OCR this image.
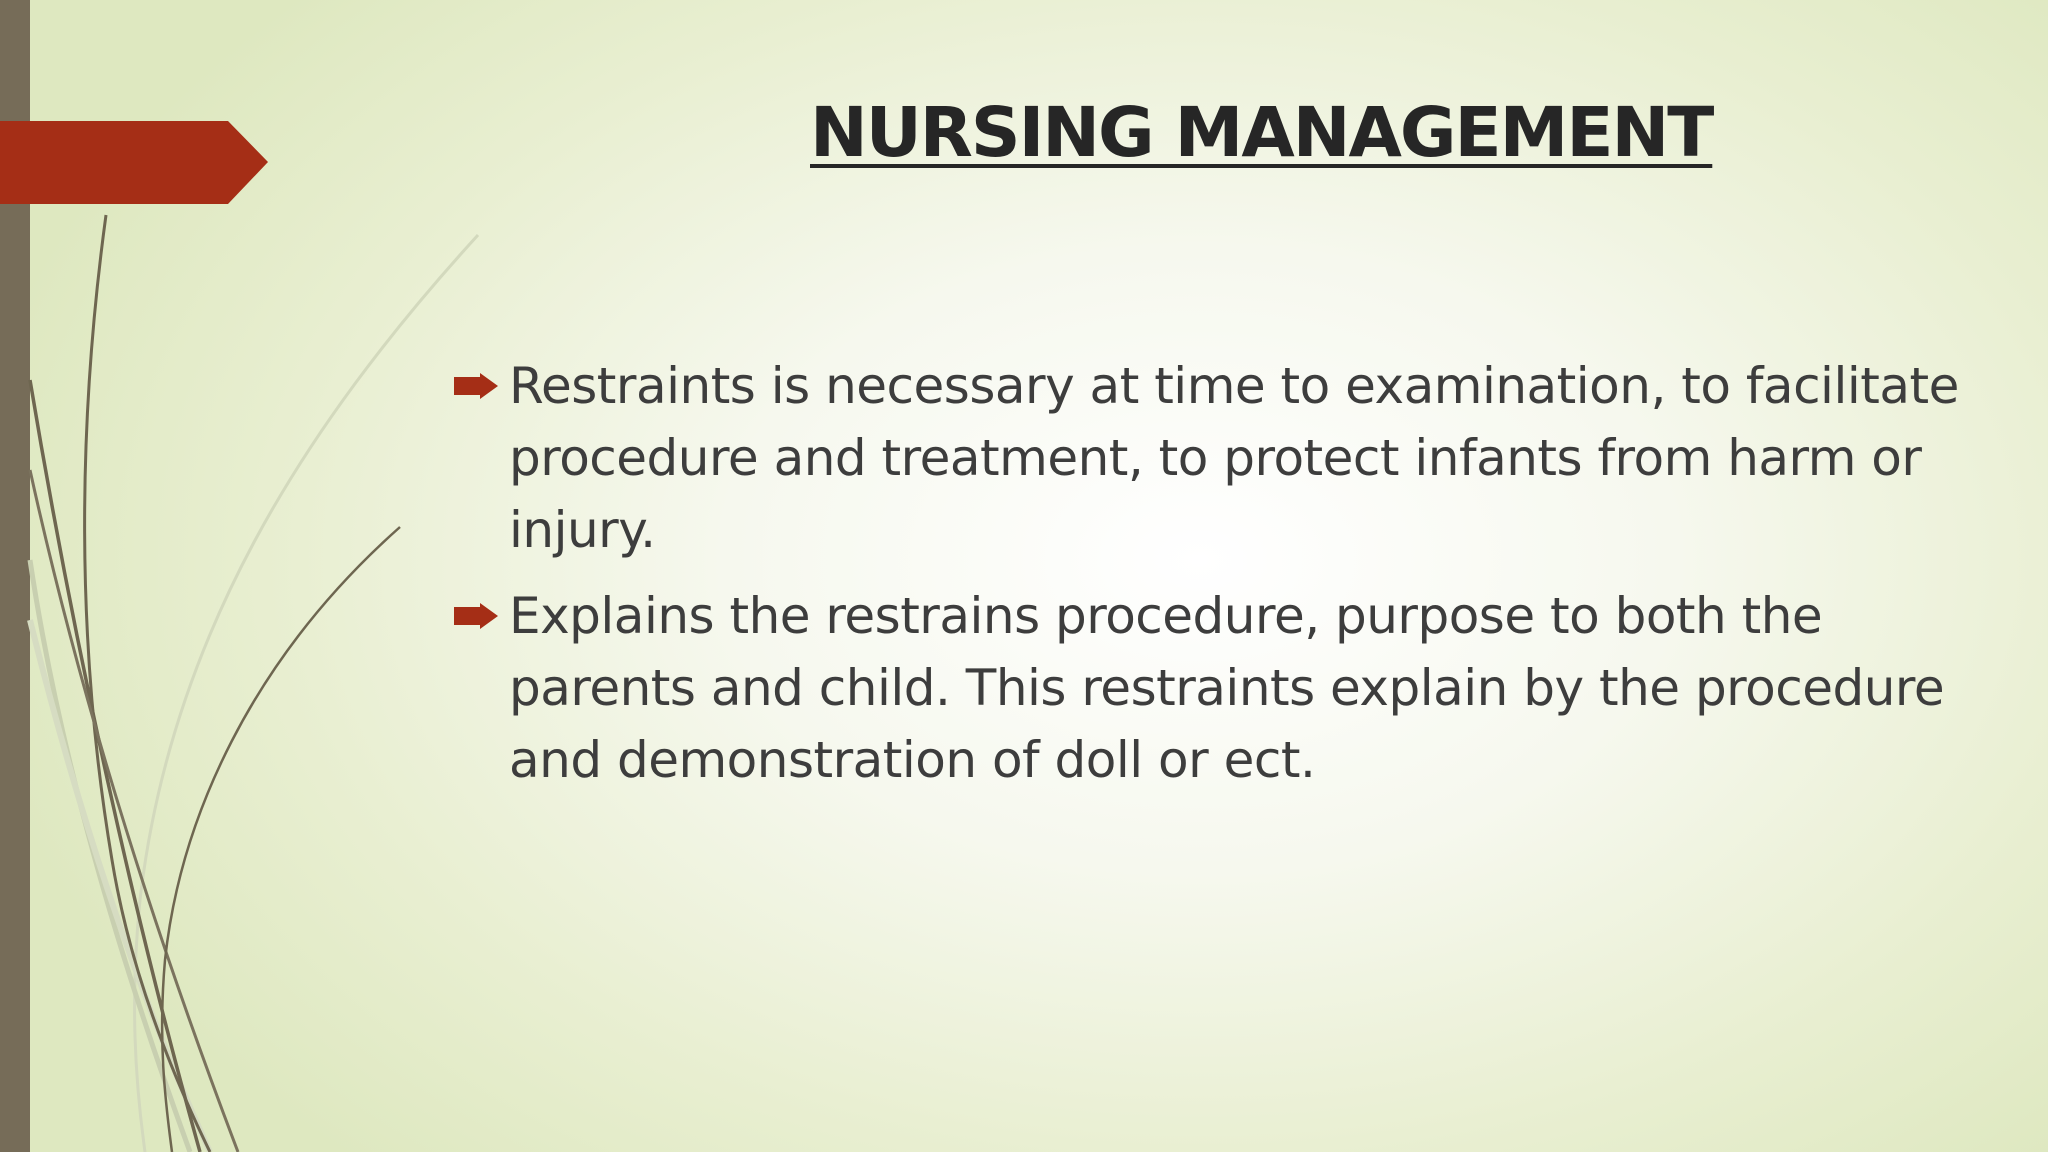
NURSING MANAGEMENT
Restraints is necessary at time to examination, to facilitate procedure and treatment, to protect infants from harm or injury.
Explains the restrains procedure, purpose to both the parents and child. This restraints explain by the procedure and demonstration of doll or ect.
